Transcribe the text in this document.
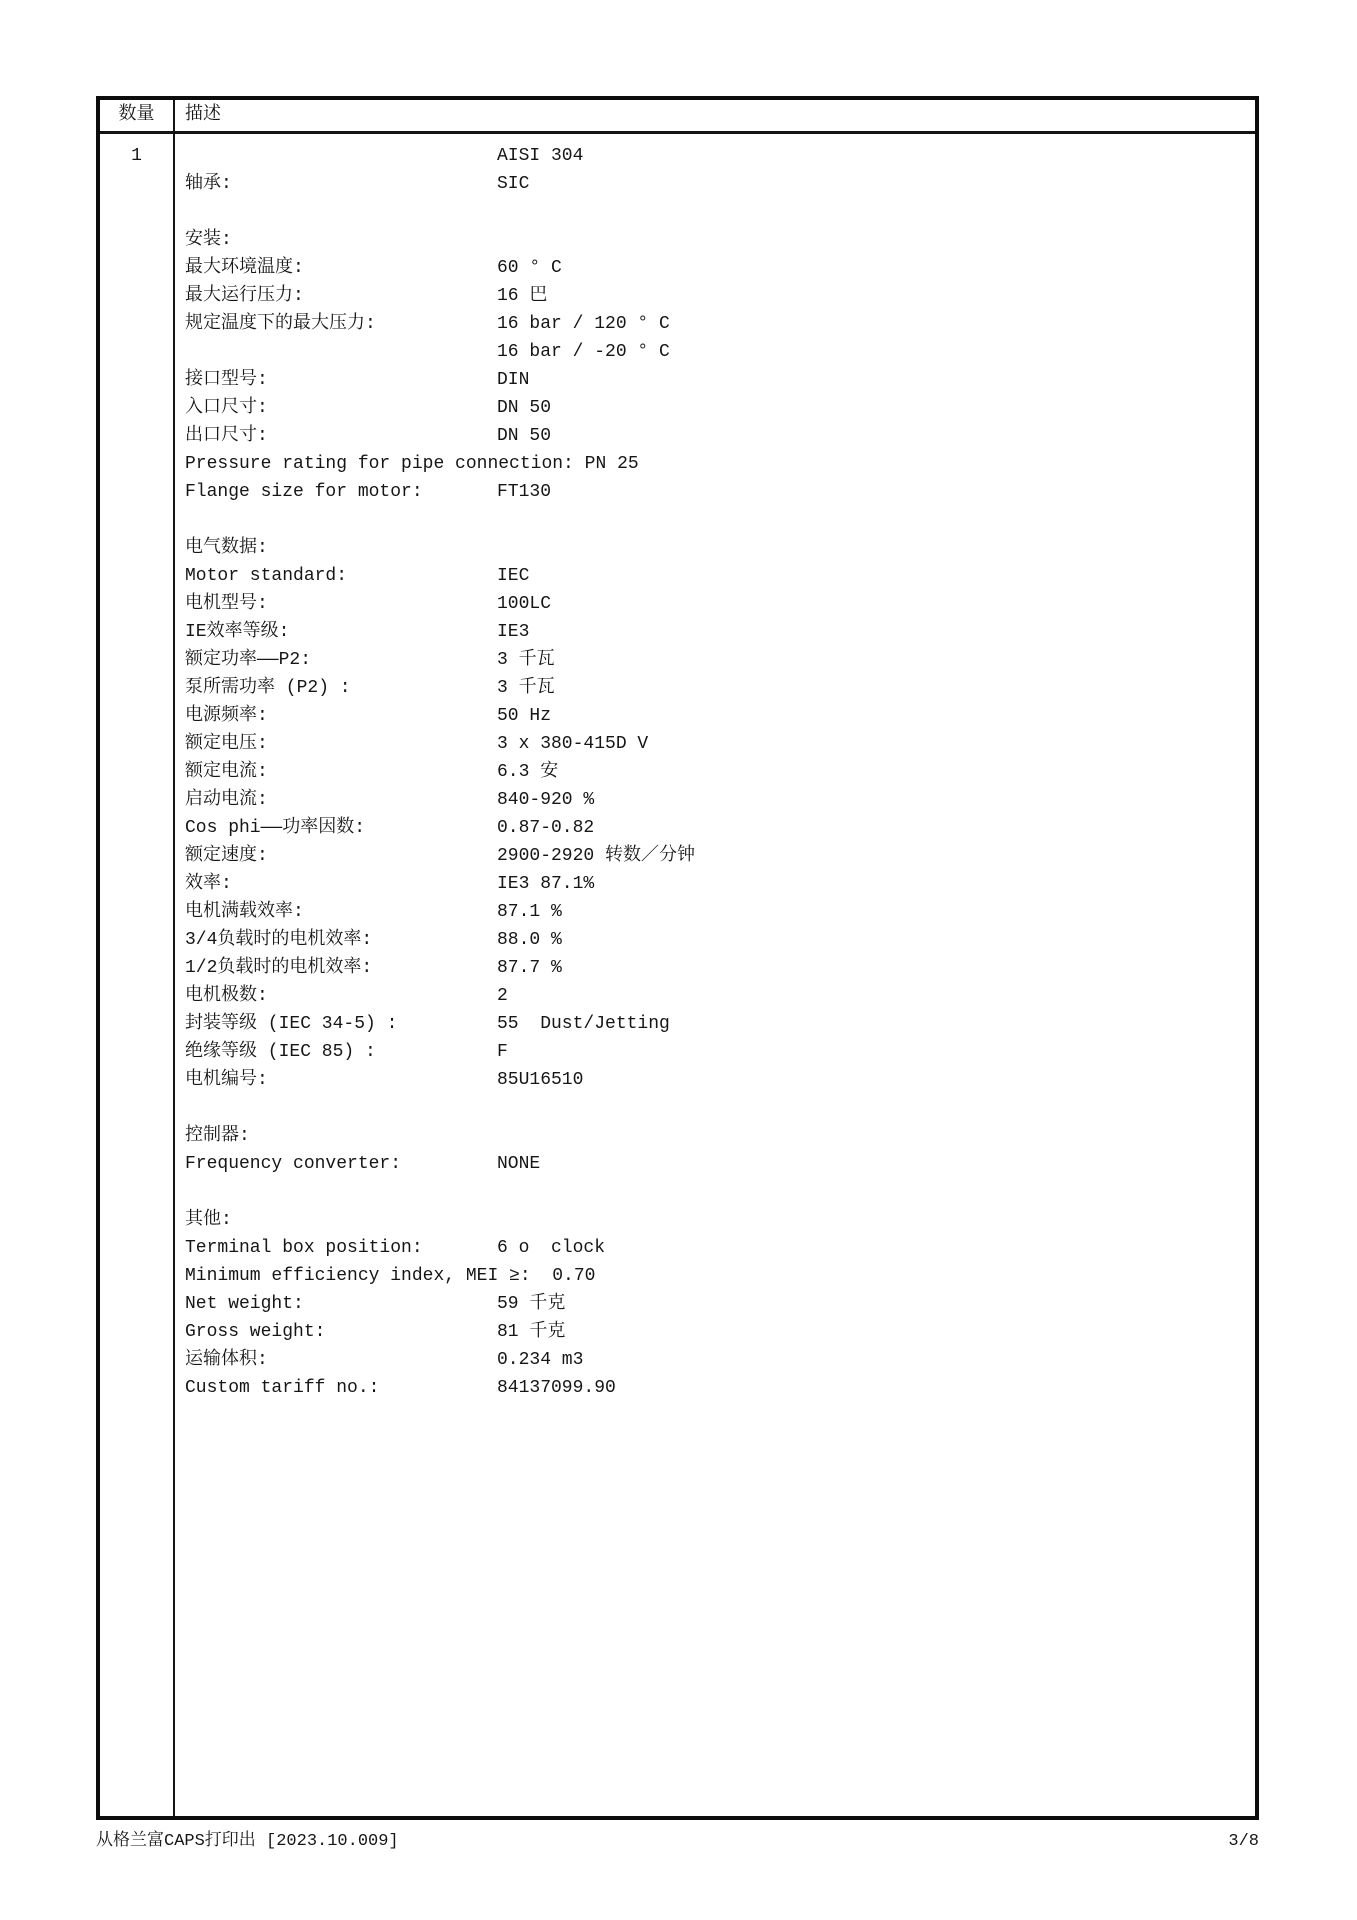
数量	描述
1	AISI 304
轴承:	SIC
安装:
最大环境温度:	60 ° C
最大运行压力:	16 巴
规定温度下的最大压力:	16 bar / 120 ° C
16 bar / -20 ° C
接口型号:	DIN
入口尺寸:	DN 50
出口尺寸:	DN 50
Pressure rating for pipe connection: PN 25
Flange size for motor:	FT130
电气数据:
Motor standard:	IEC
电机型号:	100LC
IE效率等级:	IE3
额定功率——P2:	3 千瓦
泵所需功率 (P2) :	3 千瓦
电源频率:	50 Hz
额定电压:	3 x 380-415D V
额定电流:	6.3 安
启动电流:	840-920 %
Cos phi——功率因数:	0.87-0.82
额定速度:	2900-2920 转数／分钟
效率:	IE3 87.1%
电机满载效率:	87.1 %
3/4负载时的电机效率:	88.0 %
1/2负载时的电机效率:	87.7 %
电机极数:	2
封装等级 (IEC 34-5) :	55  Dust/Jetting
绝缘等级 (IEC 85) :	F
电机编号:	85U16510
控制器:
Frequency converter:	NONE
其他:
Terminal box position:	6 o  clock
Minimum efficiency index, MEI ≥:  0.70
Net weight:	59 千克
Gross weight:	81 千克
运输体积:	0.234 m3
Custom tariff no.:	84137099.90
从格兰富CAPS打印出 [2023.10.009]	3/8
